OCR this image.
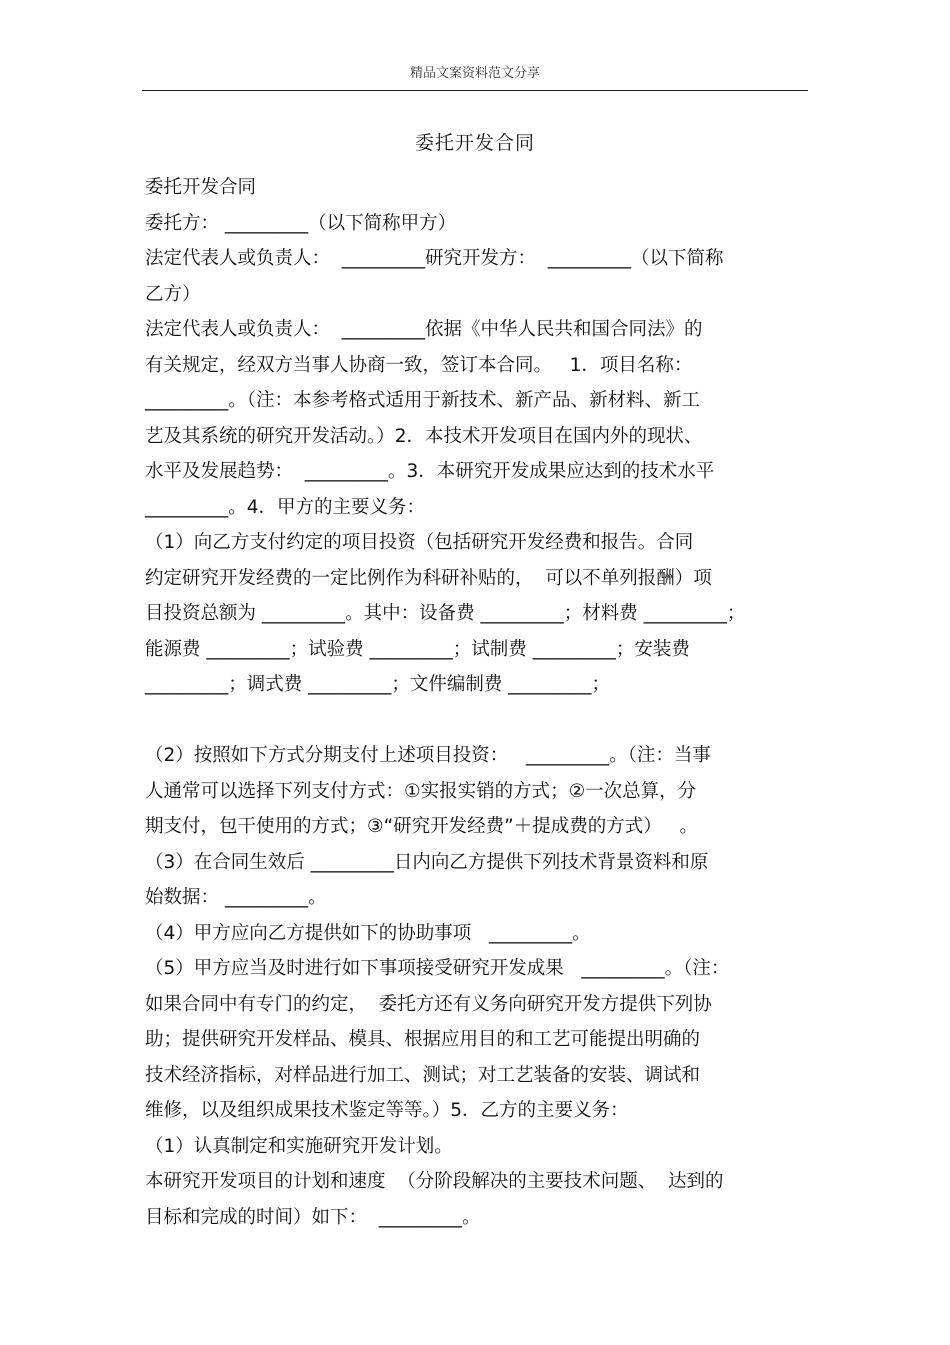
精品文案资料范文分享
委托开发合同
委托开发合同
委托方： _________（以下简称甲方）
法定代表人或负责人：  _________研究开发方：  _________（以下简称
乙方）
法定代表人或负责人：  _________依据《中华人民共和国合同法》的
有关规定，经双方当事人协商一致，签订本合同。   1．项目名称：
_________。（注：本参考格式适用于新技术、新产品、新材料、新工
艺及其系统的研究开发活动。）2．本技术开发项目在国内外的现状、
水平及发展趋势：  _________。3．本研究开发成果应达到的技术水平
_________。4．甲方的主要义务：
（1）向乙方支付约定的项目投资（包括研究开发经费和报告。合同
约定研究开发经费的一定比例作为科研补贴的，  可以不单列报酬）项
目投资总额为 _________。其中：设备费 _________；材料费 _________；
能源费 _________；试验费 _________；试制费 _________；安装费
_________；调式费 _________；文件编制费 _________；
（2）按照如下方式分期支付上述项目投资：   _________。（注：当事
人通常可以选择下列支付方式：①实报实销的方式；②一次总算，分
期支付，包干使用的方式；③“研究开发经费”＋提成费的方式）   。
（3）在合同生效后 _________日内向乙方提供下列技术背景资料和原
始数据： _________。
（4）甲方应向乙方提供如下的协助事项   _________。
（5）甲方应当及时进行如下事项接受研究开发成果   _________。（注：
如果合同中有专门的约定，  委托方还有义务向研究开发方提供下列协
助；提供研究开发样品、模具、根据应用目的和工艺可能提出明确的
技术经济指标，对样品进行加工、测试；对工艺装备的安装、调试和
维修，以及组织成果技术鉴定等等。）5．乙方的主要义务：
（1）认真制定和实施研究开发计划。
本研究开发项目的计划和速度  （分阶段解决的主要技术问题、  达到的
目标和完成的时间）如下：  _________。
